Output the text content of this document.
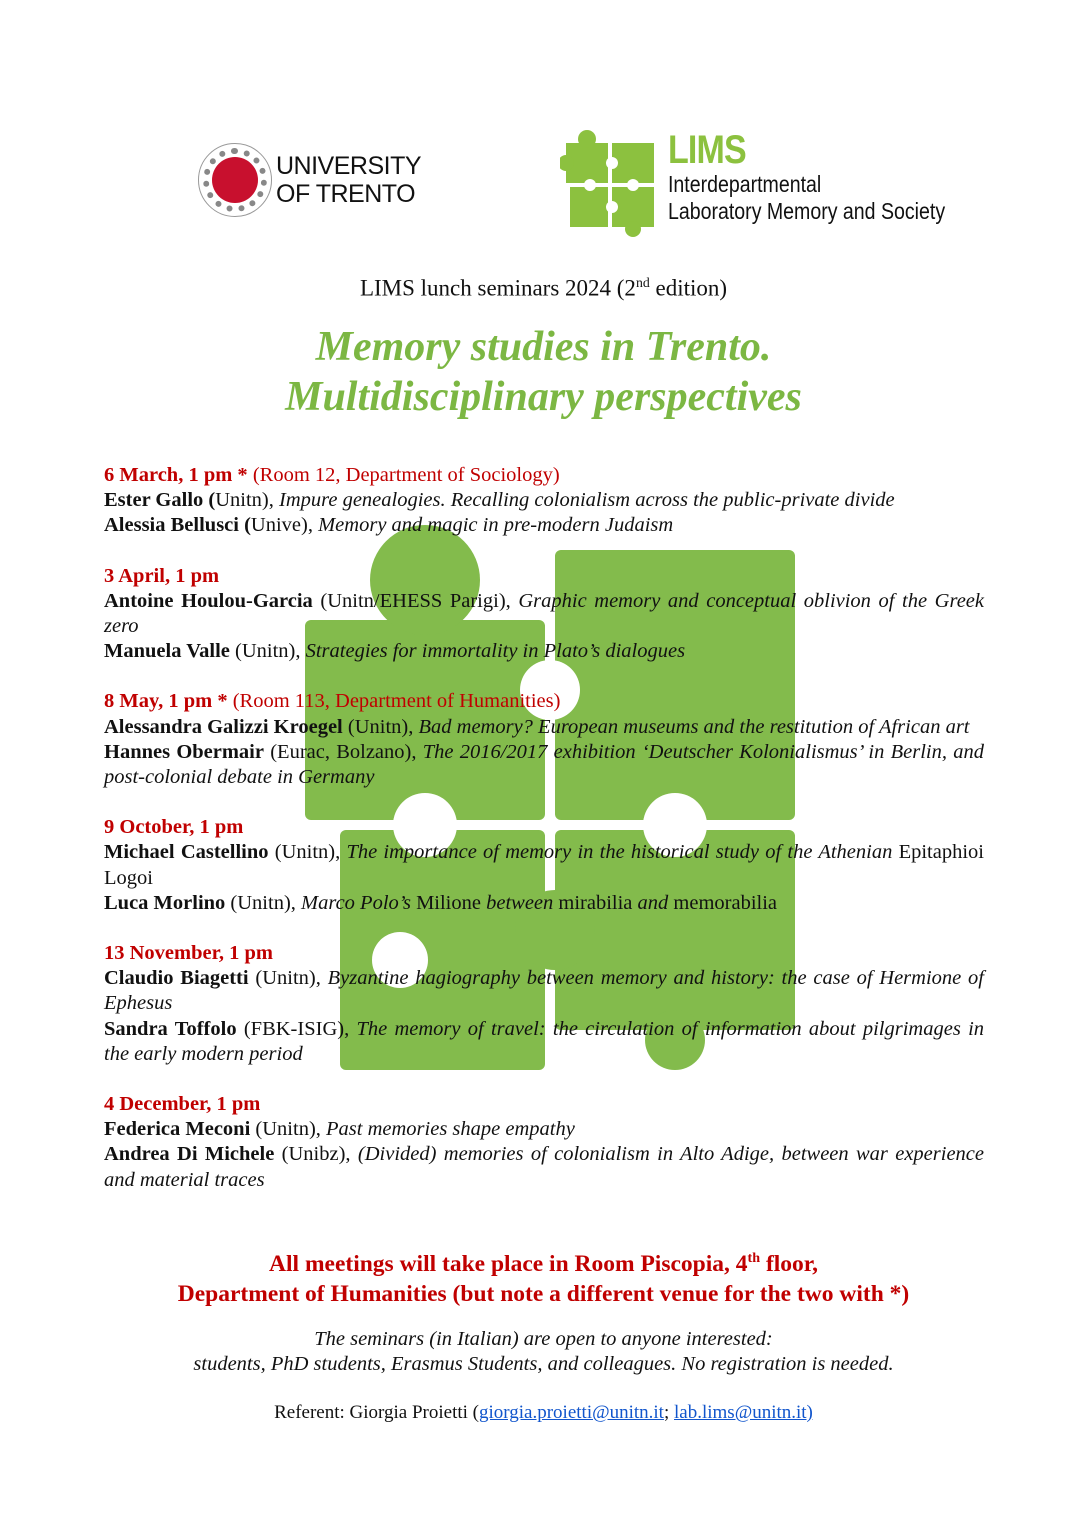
UNIVERSITY
OF TRENTO
LIMS
Interdepartmental
Laboratory Memory and Society
LIMS lunch seminars 2024 (2nd edition)
Memory studies in Trento.
Multidisciplinary perspectives
6 March, 1 pm * (Room 12, Department of Sociology)
Ester Gallo (Unitn), Impure genealogies. Recalling colonialism across the public-private divide
Alessia Bellusci (Unive), Memory and magic in pre-modern Judaism
3 April, 1 pm
Antoine Houlou-Garcia (Unitn/EHESS Parigi), Graphic memory and conceptual oblivion of the Greek zero
Manuela Valle (Unitn), Strategies for immortality in Plato’s dialogues
8 May, 1 pm * (Room 113, Department of Humanities)
Alessandra Galizzi Kroegel (Unitn), Bad memory? European museums and the restitution of African art
Hannes Obermair (Eurac, Bolzano), The 2016/2017 exhibition ‘Deutscher Kolonialismus’ in Berlin, and post-colonial debate in Germany
9 October, 1 pm
Michael Castellino (Unitn), The importance of memory in the historical study of the Athenian Epitaphioi Logoi
Luca Morlino (Unitn), Marco Polo’s Milione between mirabilia and memorabilia
13 November, 1 pm
Claudio Biagetti (Unitn), Byzantine hagiography between memory and history: the case of Hermione of Ephesus
Sandra Toffolo (FBK-ISIG), The memory of travel: the circulation of information about pilgrimages in the early modern period
4 December, 1 pm
Federica Meconi (Unitn), Past memories shape empathy
Andrea Di Michele (Unibz), (Divided) memories of colonialism in Alto Adige, between war experience and material traces
All meetings will take place in Room Piscopia, 4th floor,
Department of Humanities (but note a different venue for the two with *)
The seminars (in Italian) are open to anyone interested:
students, PhD students, Erasmus Students, and colleagues. No registration is needed.
Referent: Giorgia Proietti (giorgia.proietti@unitn.it; lab.lims@unitn.it)
